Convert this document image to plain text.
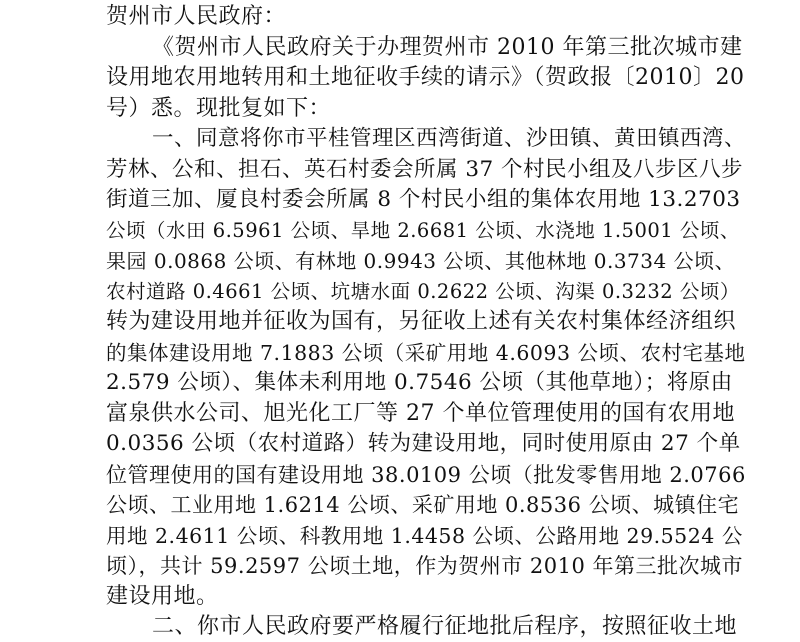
贺州市人民政府：
《贺州市人民政府关于办理贺州市 2010 年第三批次城市建
设用地农用地转用和土地征收手续的请示》（贺政报〔2010〕20
号）悉。现批复如下：
一、同意将你市平桂管理区西湾街道、沙田镇、黄田镇西湾、
芳林、公和、担石、英石村委会所属 37 个村民小组及八步区八步
街道三加、厦良村委会所属 8 个村民小组的集体农用地 13.2703
公顷（水田 6.5961 公顷、旱地 2.6681 公顷、水浇地 1.5001 公顷、
果园 0.0868 公顷、有林地 0.9943 公顷、其他林地 0.3734 公顷、
农村道路 0.4661 公顷、坑塘水面 0.2622 公顷、沟渠 0.3232 公顷）
转为建设用地并征收为国有，另征收上述有关农村集体经济组织
的集体建设用地 7.1883 公顷（采矿用地 4.6093 公顷、农村宅基地
2.579 公顷）、集体未利用地 0.7546 公顷（其他草地）；将原由
富泉供水公司、旭光化工厂等 27 个单位管理使用的国有农用地
0.0356 公顷（农村道路）转为建设用地，同时使用原由 27 个单
位管理使用的国有建设用地 38.0109 公顷（批发零售用地 2.0766
公顷、工业用地 1.6214 公顷、采矿用地 0.8536 公顷、城镇住宅
用地 2.4611 公顷、科教用地 1.4458 公顷、公路用地 29.5524 公
顷），共计 59.2597 公顷土地，作为贺州市 2010 年第三批次城市
建设用地。
二、你市人民政府要严格履行征地批后程序，按照征收土地
